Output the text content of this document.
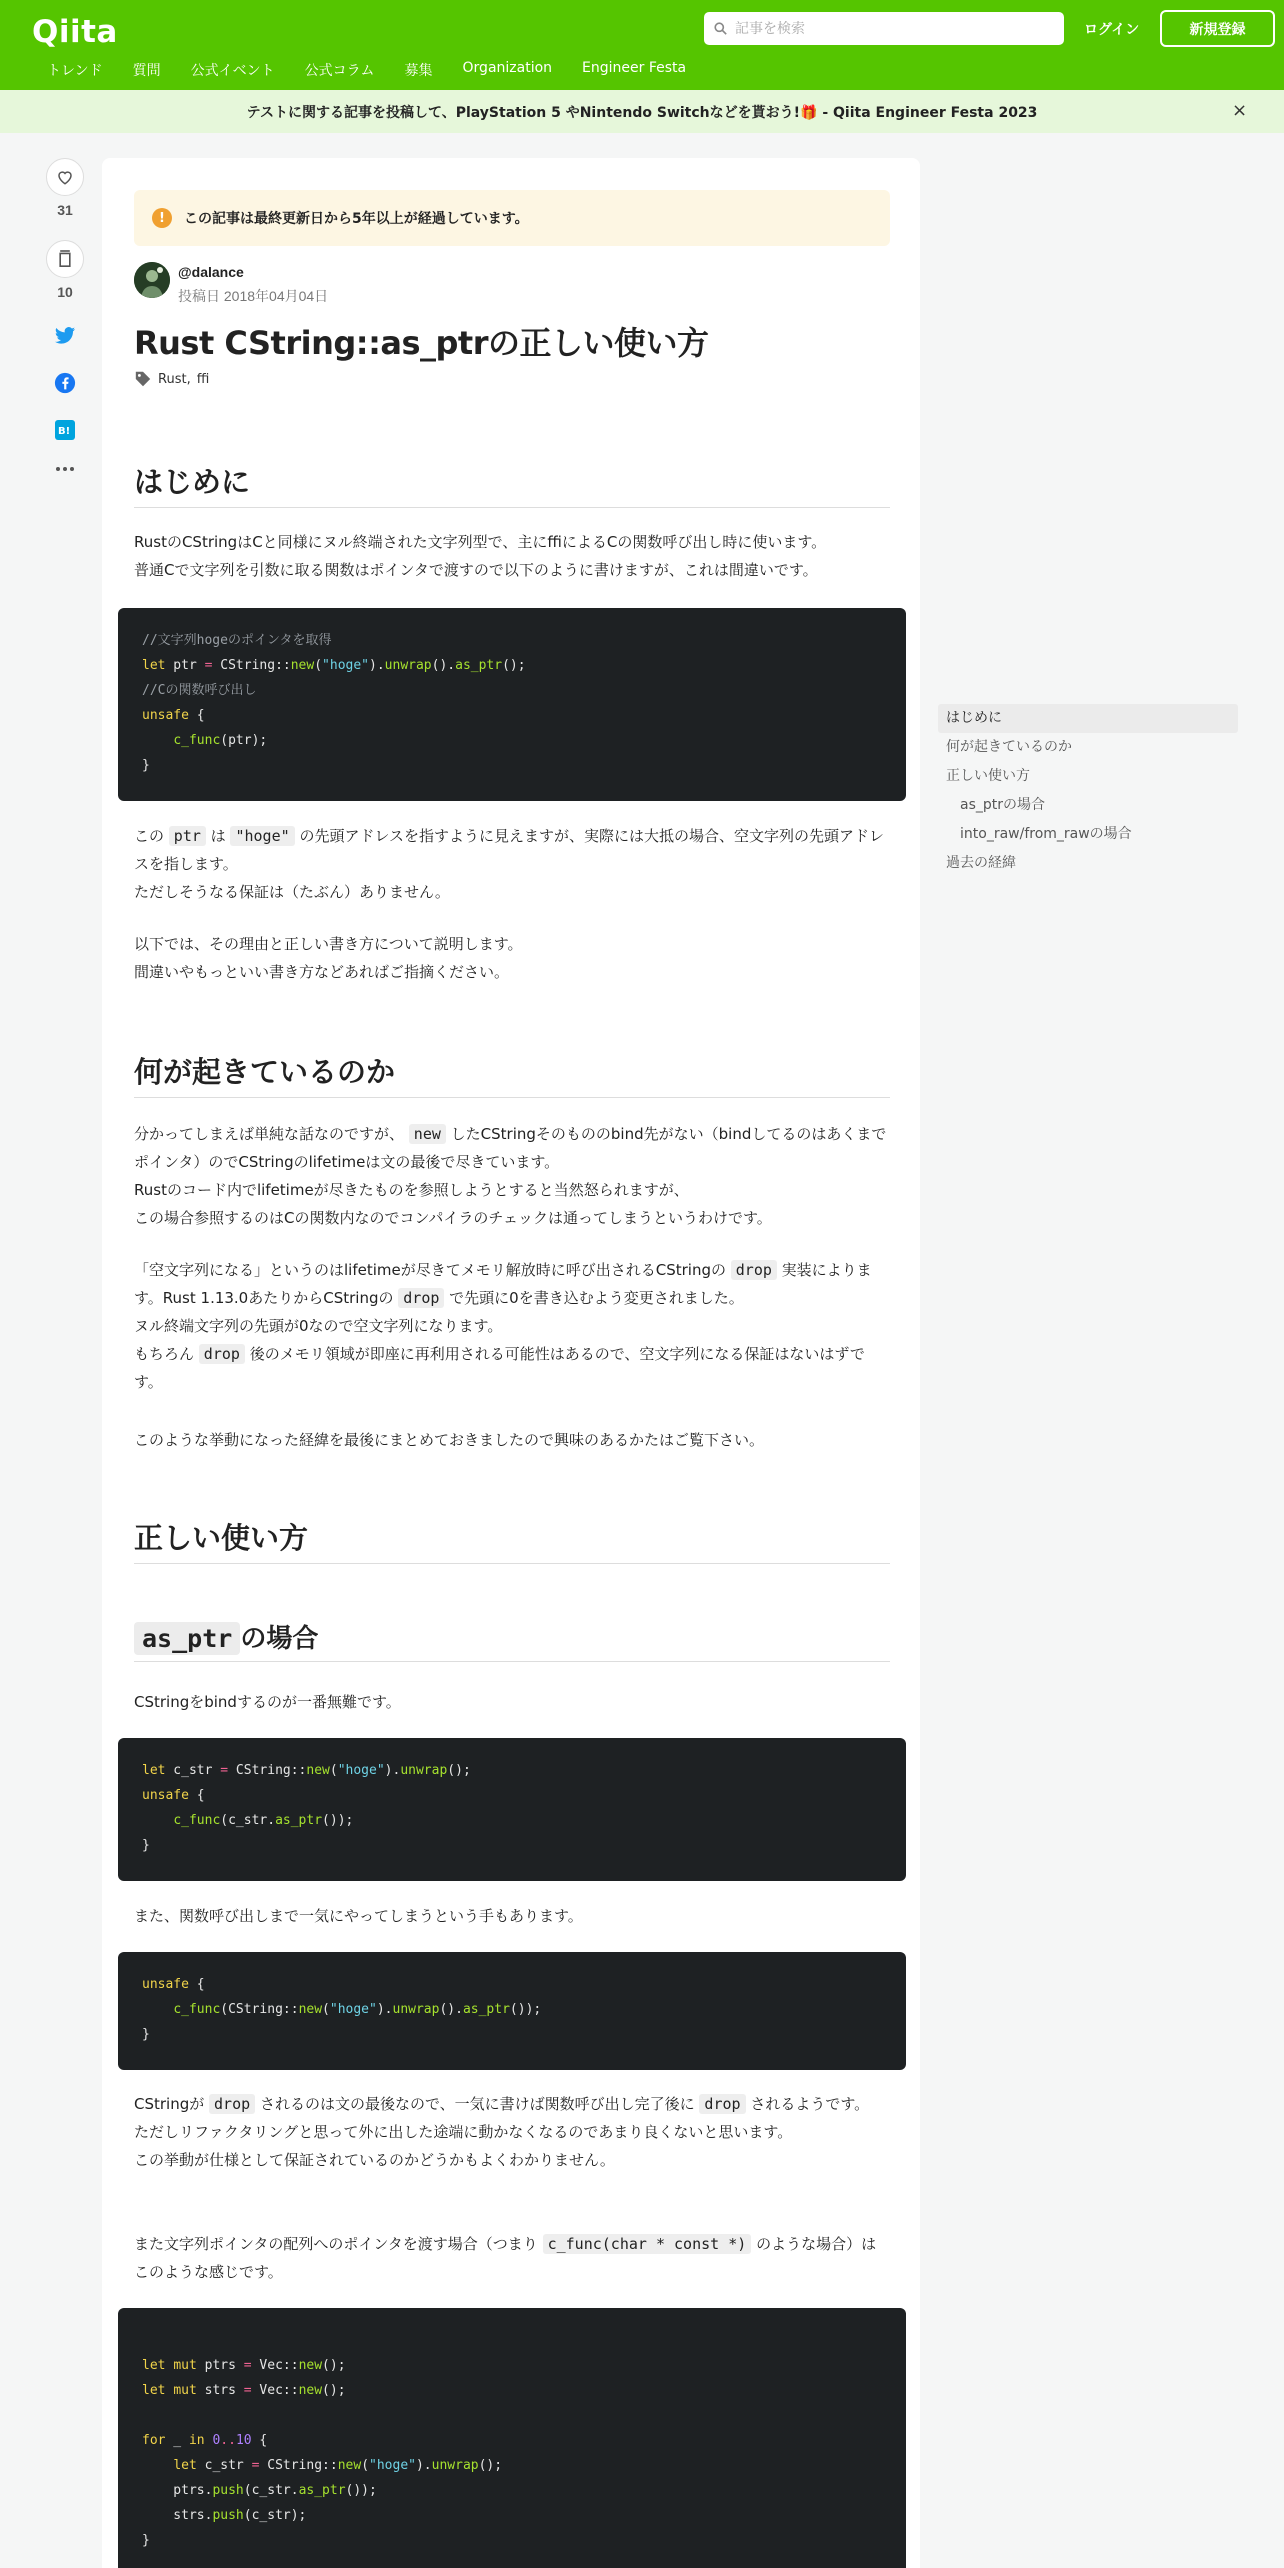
Qiita
記事を検索	ログイン	新規登録
トレンド 質問 公式イベント 公式コラム 募集 Organization Engineer Festa
テストに関する記事を投稿して、PlayStation 5 やNintendo Switchなどを貰おう!🎁 - Qiita Engineer Festa 2023	×
31
10
B!
!	この記事は最終更新日から5年以上が経過しています。
@dalance
投稿日 2018年04月04日
Rust CString::as_ptrの正しい使い方
Rust , ffi
はじめに
RustのCStringはCと同様にヌル終端された文字列型で、主にffiによるCの関数呼び出し時に使います。
普通Cで文字列を引数に取る関数はポインタで渡すので以下のように書けますが、これは間違いです。
//文字列hogeのポインタを取得
let ptr = CString::new("hoge").unwrap().as_ptr();
//Cの関数呼び出し
unsafe {
c_func(ptr);
}
この ptr は "hoge" の先頭アドレスを指すように見えますが、実際には大抵の場合、空文字列の先頭アドレスを指します。
ただしそうなる保証は（たぶん）ありません。
以下では、その理由と正しい書き方について説明します。
間違いやもっといい書き方などあればご指摘ください。
何が起きているのか
分かってしまえば単純な話なのですが、 new したCStringそのもののbind先がない（bindしてるのはあくまでポインタ）のでCStringのlifetimeは文の最後で尽きています。
Rustのコード内でlifetimeが尽きたものを参照しようとすると当然怒られますが、
この場合参照するのはCの関数内なのでコンパイラのチェックは通ってしまうというわけです。
「空文字列になる」というのはlifetimeが尽きてメモリ解放時に呼び出されるCStringの drop 実装によります。Rust 1.13.0あたりからCStringの drop で先頭に0を書き込むよう変更されました。
ヌル終端文字列の先頭が0なので空文字列になります。
もちろん drop 後のメモリ領域が即座に再利用される可能性はあるので、空文字列になる保証はないはずです。
このような挙動になった経緯を最後にまとめておきましたので興味のあるかたはご覧下さい。
正しい使い方
as_ptr の場合
CStringをbindするのが一番無難です。
let c_str = CString::new("hoge").unwrap();
unsafe {
c_func(c_str.as_ptr());
}
また、関数呼び出しまで一気にやってしまうという手もあります。
unsafe {
c_func(CString::new("hoge").unwrap().as_ptr());
}
CStringが drop されるのは文の最後なので、一気に書けば関数呼び出し完了後に drop されるようです。
ただしリファクタリングと思って外に出した途端に動かなくなるのであまり良くないと思います。
この挙動が仕様として保証されているのかどうかもよくわかりません。
また文字列ポインタの配列へのポインタを渡す場合（つまり c_func(char * const *) のような場合）はこのような感じです。

let mut ptrs = Vec::new();
let mut strs = Vec::new();

for _ in 0..10 {
let c_str = CString::new("hoge").unwrap();
ptrs.push(c_str.as_ptr());
strs.push(c_str);
}
はじめに
何が起きているのか
正しい使い方
as_ptrの場合
into_raw/from_rawの場合
過去の経緯
